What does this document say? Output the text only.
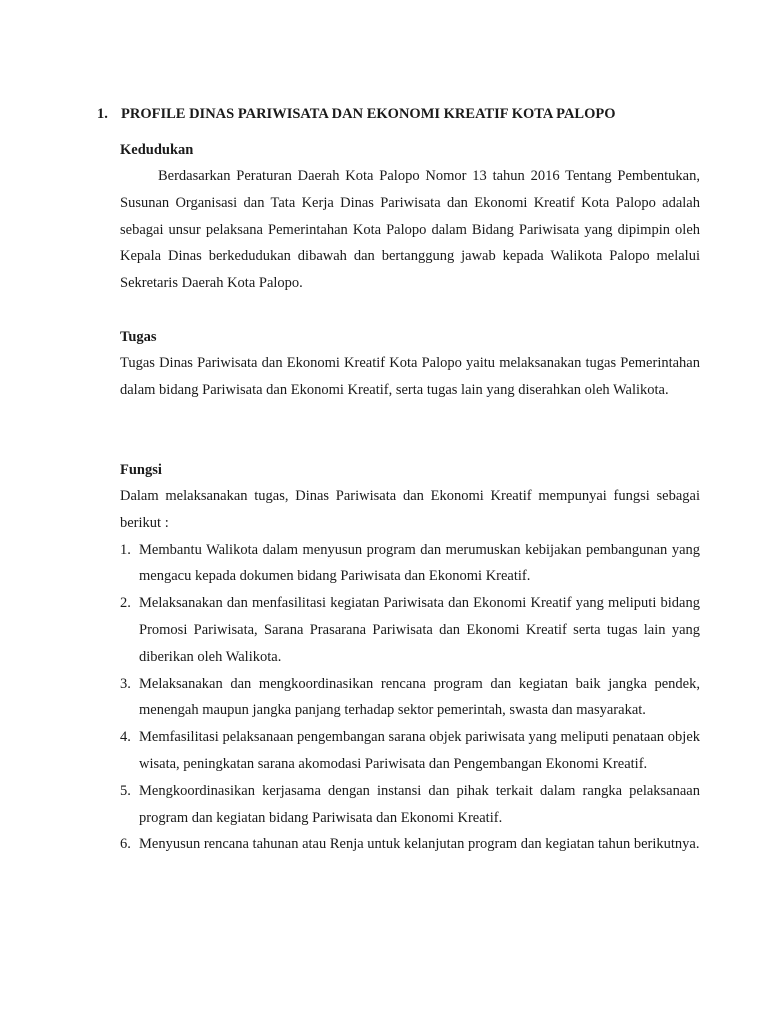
1. PROFILE DINAS PARIWISATA DAN EKONOMI KREATIF KOTA PALOPO
Kedudukan

Berdasarkan Peraturan Daerah Kota Palopo Nomor 13 tahun 2016 Tentang Pembentukan, Susunan Organisasi dan Tata Kerja Dinas Pariwisata dan Ekonomi Kreatif Kota Palopo adalah sebagai unsur pelaksana Pemerintahan Kota Palopo dalam Bidang Pariwisata yang dipimpin oleh Kepala Dinas berkedudukan dibawah dan bertanggung jawab kepada Walikota Palopo melalui Sekretaris Daerah Kota Palopo.

Tugas

Tugas Dinas Pariwisata dan Ekonomi Kreatif Kota Palopo yaitu melaksanakan tugas Pemerintahan dalam bidang Pariwisata dan Ekonomi Kreatif, serta tugas lain yang diserahkan oleh Walikota.

Fungsi

Dalam melaksanakan tugas, Dinas Pariwisata dan Ekonomi Kreatif mempunyai fungsi sebagai berikut :

1. Membantu Walikota dalam menyusun program dan merumuskan kebijakan pembangunan yang mengacu kepada dokumen bidang Pariwisata dan Ekonomi Kreatif.
2. Melaksanakan dan menfasilitasi kegiatan Pariwisata dan Ekonomi Kreatif yang meliputi bidang Promosi Pariwisata, Sarana Prasarana Pariwisata dan Ekonomi Kreatif serta tugas lain yang diberikan oleh Walikota.
3. Melaksanakan dan mengkoordinasikan rencana program dan kegiatan baik jangka pendek, menengah maupun jangka panjang terhadap sektor pemerintah, swasta dan masyarakat.
4. Memfasilitasi pelaksanaan pengembangan sarana objek pariwisata yang meliputi penataan objek wisata, peningkatan sarana akomodasi Pariwisata dan Pengembangan Ekonomi Kreatif.
5. Mengkoordinasikan kerjasama dengan instansi dan pihak terkait dalam rangka pelaksanaan program dan kegiatan bidang Pariwisata dan Ekonomi Kreatif.
6. Menyusun rencana tahunan atau Renja untuk kelanjutan program dan kegiatan tahun berikutnya.
